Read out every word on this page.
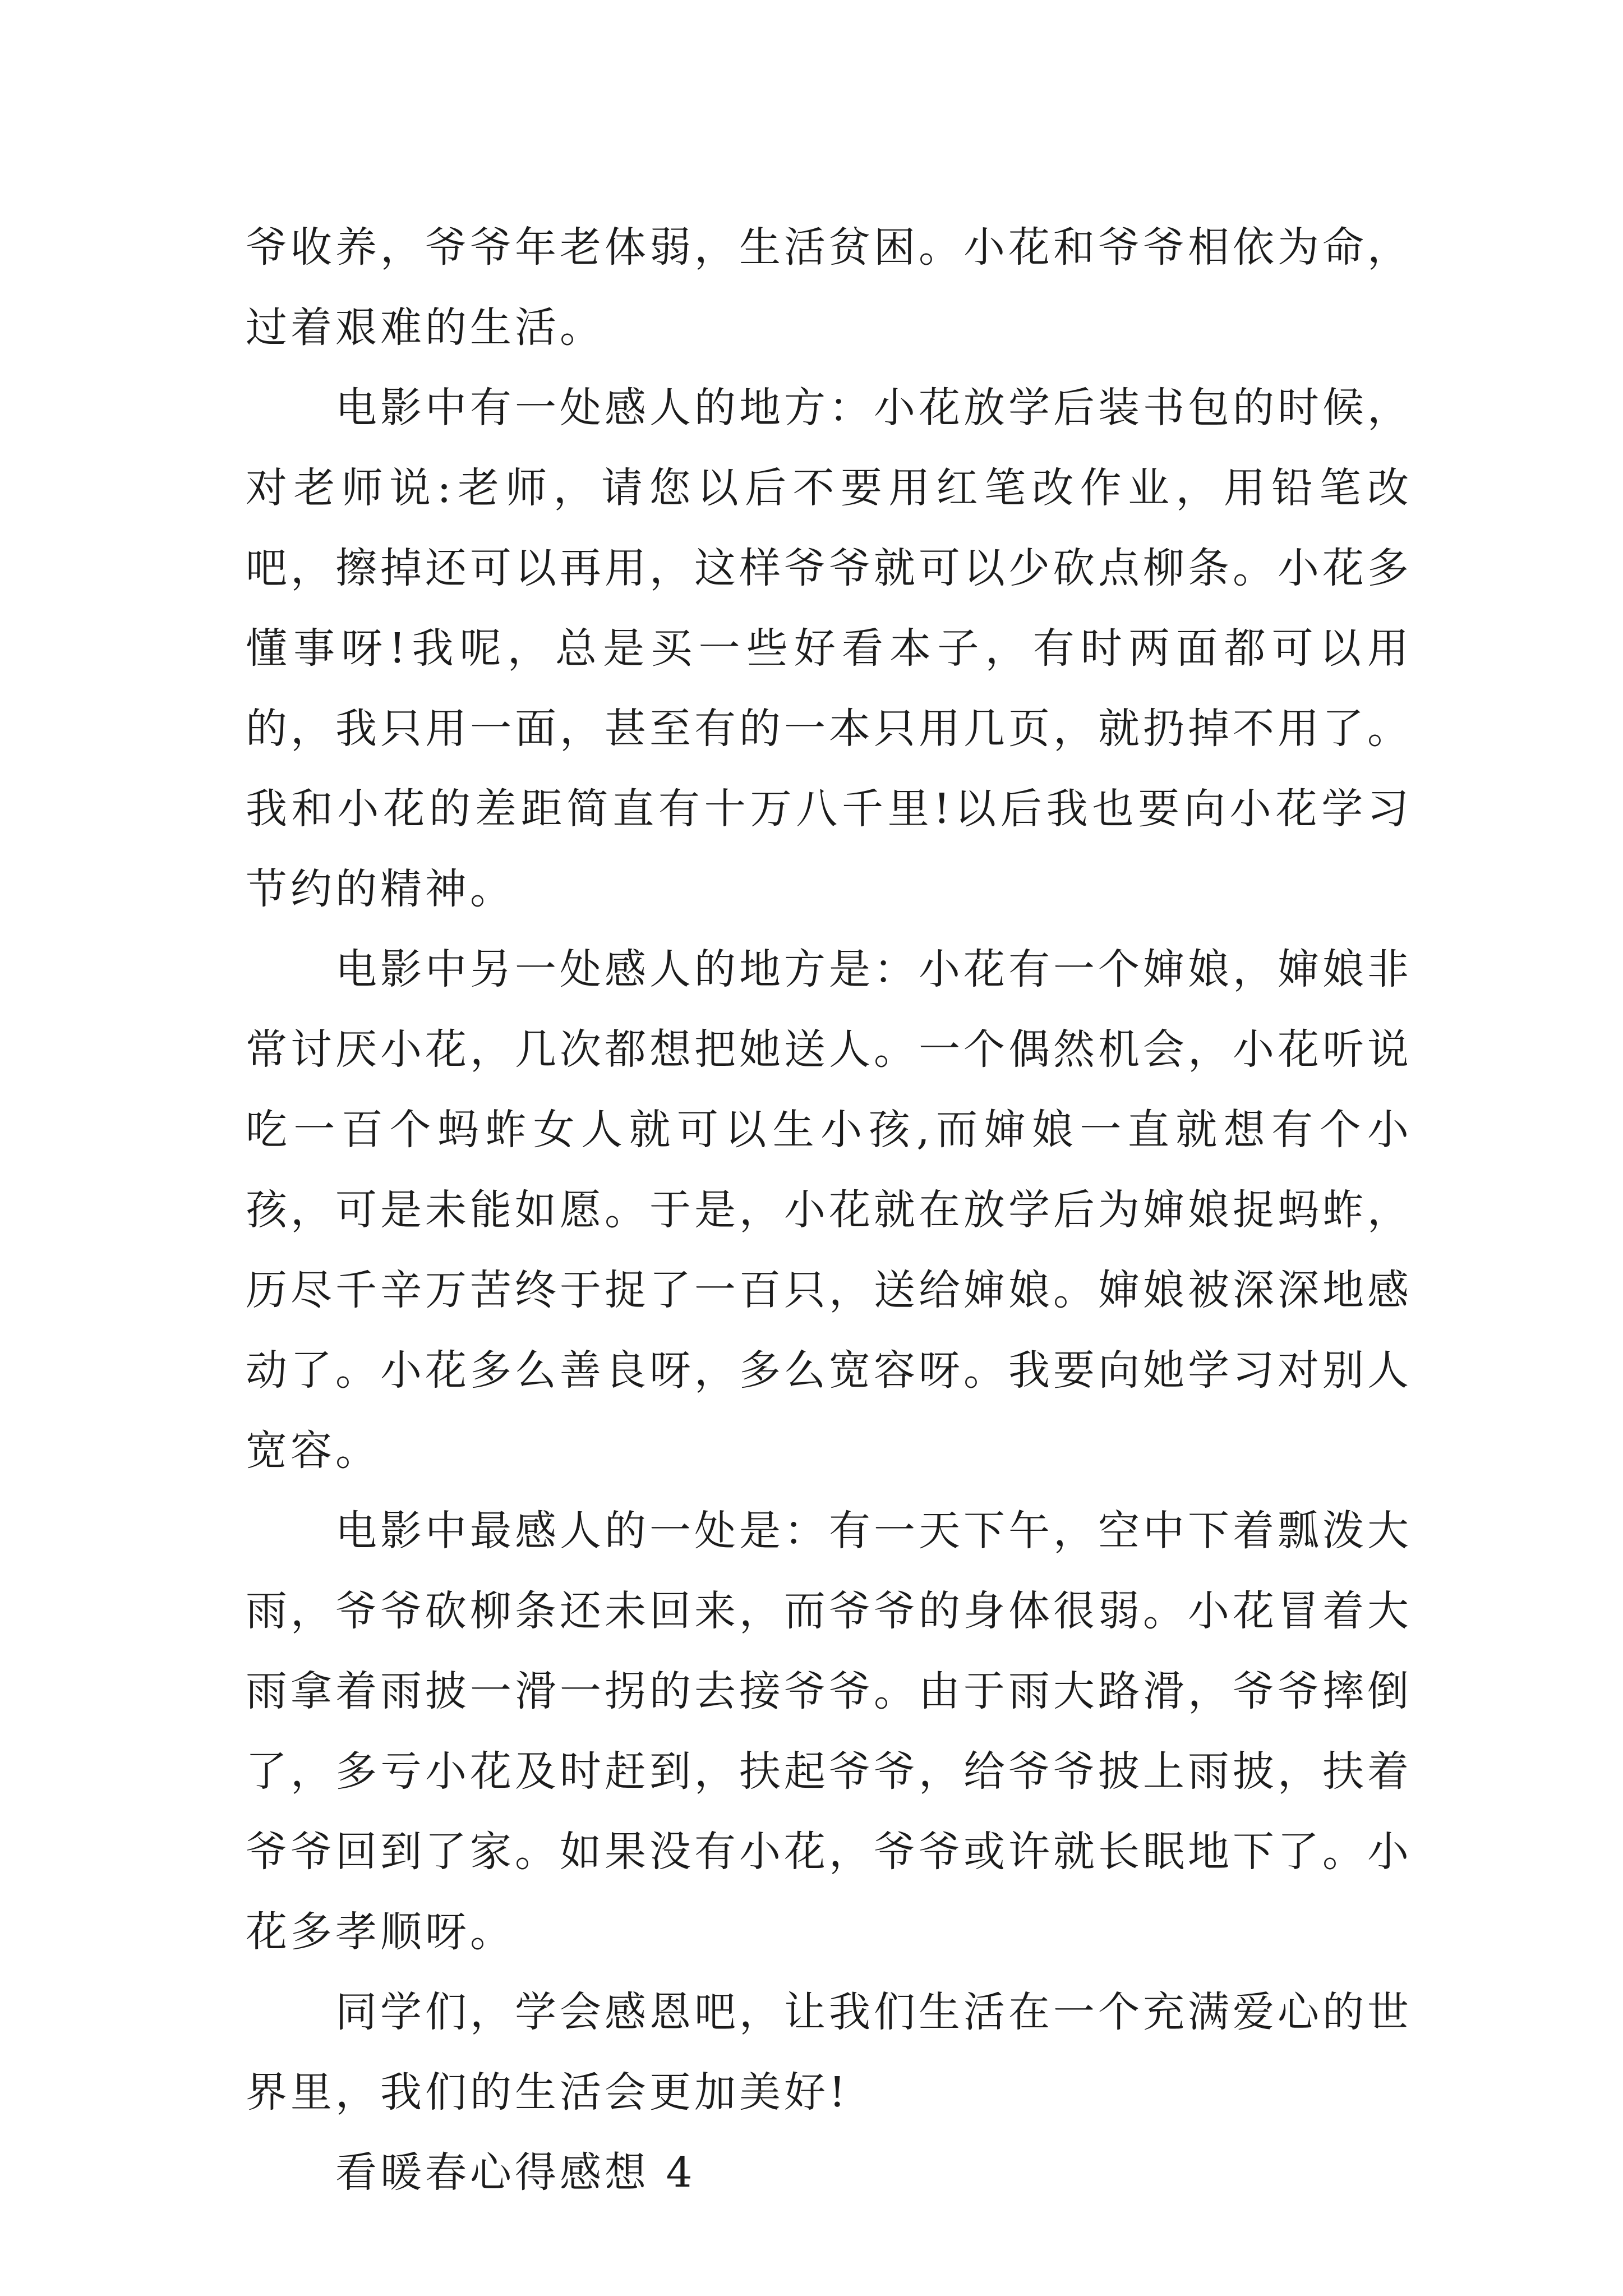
爷收养，爷爷年老体弱，生活贫困。小花和爷爷相依为命，过着艰难的生活。

电影中有一处感人的地方：小花放学后装书包的时候，对老师说:老师，请您以后不要用红笔改作业，用铅笔改吧，擦掉还可以再用，这样爷爷就可以少砍点柳条。小花多懂事呀!我呢，总是买一些好看本子，有时两面都可以用的，我只用一面，甚至有的一本只用几页，就扔掉不用了。我和小花的差距简直有十万八千里!以后我也要向小花学习节约的精神。

电影中另一处感人的地方是：小花有一个婶娘，婶娘非常讨厌小花，几次都想把她送人。一个偶然机会，小花听说吃一百个蚂蚱女人就可以生小孩,而婶娘一直就想有个小孩，可是未能如愿。于是，小花就在放学后为婶娘捉蚂蚱，历尽千辛万苦终于捉了一百只，送给婶娘。婶娘被深深地感动了。小花多么善良呀，多么宽容呀。我要向她学习对别人宽容。

电影中最感人的一处是：有一天下午，空中下着瓢泼大雨，爷爷砍柳条还未回来，而爷爷的身体很弱。小花冒着大雨拿着雨披一滑一拐的去接爷爷。由于雨大路滑，爷爷摔倒了，多亏小花及时赶到，扶起爷爷，给爷爷披上雨披，扶着爷爷回到了家。如果没有小花，爷爷或许就长眠地下了。小花多孝顺呀。

同学们，学会感恩吧，让我们生活在一个充满爱心的世界里，我们的生活会更加美好!

看暖春心得感想 4
